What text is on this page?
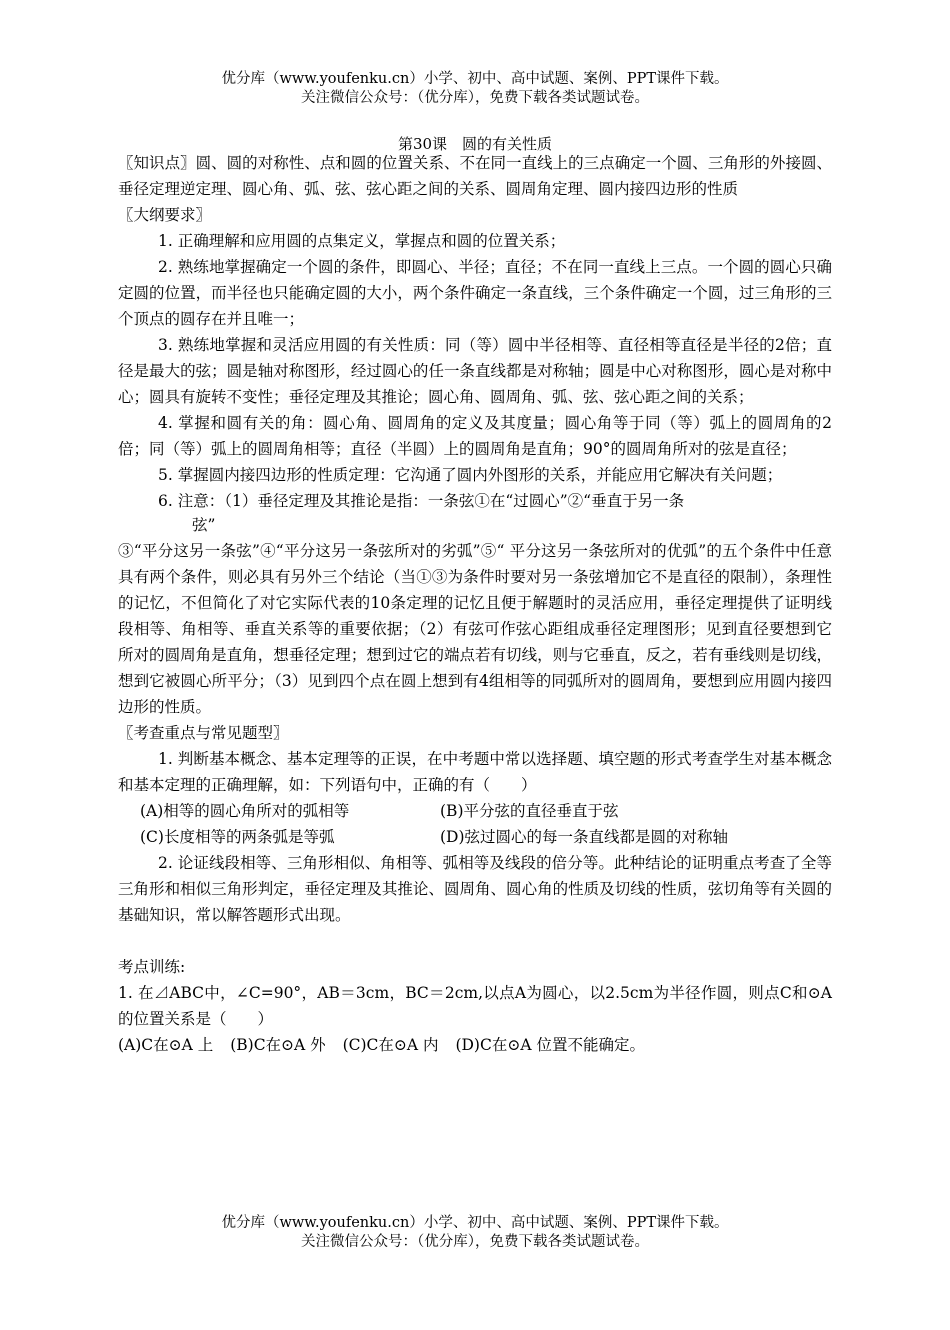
优分库（www.youfenku.cn）小学、初中、高中试题、案例、PPT课件下载。
关注微信公众号：（优分库），免费下载各类试题试卷。
第30课　圆的有关性质

〖知识点〗圆、圆的对称性、点和圆的位置关系、不在同一直线上的三点确定一个圆、三角形的外接圆、垂径定理逆定理、圆心角、弧、弦、弦心距之间的关系、圆周角定理、圆内接四边形的性质

〖大纲要求〗

1. 正确理解和应用圆的点集定义，掌握点和圆的位置关系；

2. 熟练地掌握确定一个圆的条件，即圆心、半径；直径；不在同一直线上三点。一个圆的圆心只确定圆的位置，而半径也只能确定圆的大小，两个条件确定一条直线，三个条件确定一个圆，过三角形的三个顶点的圆存在并且唯一；

3. 熟练地掌握和灵活应用圆的有关性质：同（等）圆中半径相等、直径相等直径是半径的2倍；直径是最大的弦；圆是轴对称图形，经过圆心的任一条直线都是对称轴；圆是中心对称图形，圆心是对称中心；圆具有旋转不变性；垂径定理及其推论；圆心角、圆周角、弧、弦、弦心距之间的关系；

4. 掌握和圆有关的角：圆心角、圆周角的定义及其度量；圆心角等于同（等）弧上的圆周角的2倍；同（等）弧上的圆周角相等；直径（半圆）上的圆周角是直角；90°的圆周角所对的弦是直径；

5. 掌握圆内接四边形的性质定理：它沟通了圆内外图形的关系，并能应用它解决有关问题；

6. 注意：（1）垂径定理及其推论是指：一条弦①在“过圆心”②“垂直于另一条

弦”

③“平分这另一条弦”④“平分这另一条弦所对的劣弧”⑤“ 平分这另一条弦所对的优弧”的五个条件中任意具有两个条件，则必具有另外三个结论（当①③为条件时要对另一条弦增加它不是直径的限制），条理性的记忆，不但简化了对它实际代表的10条定理的记忆且便于解题时的灵活应用，垂径定理提供了证明线段相等、角相等、垂直关系等的重要依据；（2）有弦可作弦心距组成垂径定理图形；见到直径要想到它所对的圆周角是直角，想垂径定理；想到过它的端点若有切线，则与它垂直，反之，若有垂线则是切线，想到它被圆心所平分；（3）见到四个点在圆上想到有4组相等的同弧所对的圆周角，要想到应用圆内接四边形的性质。

〖考查重点与常见题型〗

1. 判断基本概念、基本定理等的正误，在中考题中常以选择题、填空题的形式考查学生对基本概念和基本定理的正确理解，如：下列语句中，正确的有（　　）

(A)相等的圆心角所对的弧相等	(B)平分弦的直径垂直于弦
(C)长度相等的两条弧是等弧	(D)弦过圆心的每一条直线都是圆的对称轴

2. 论证线段相等、三角形相似、角相等、弧相等及线段的倍分等。此种结论的证明重点考查了全等三角形和相似三角形判定，垂径定理及其推论、圆周角、圆心角的性质及切线的性质，弦切角等有关圆的基础知识，常以解答题形式出现。

考点训练:

1. 在⊿ABC中，∠C=90°，AB＝3cm，BC＝2cm,以点A为圆心，以2.5cm为半径作圆，则点C和⊙A的位置关系是（　　）

(A)C在⊙A 上 (B)C在⊙A 外 (C)C在⊙A 内 (D)C在⊙A 位置不能确定。
优分库（www.youfenku.cn）小学、初中、高中试题、案例、PPT课件下载。
关注微信公众号：（优分库），免费下载各类试题试卷。
